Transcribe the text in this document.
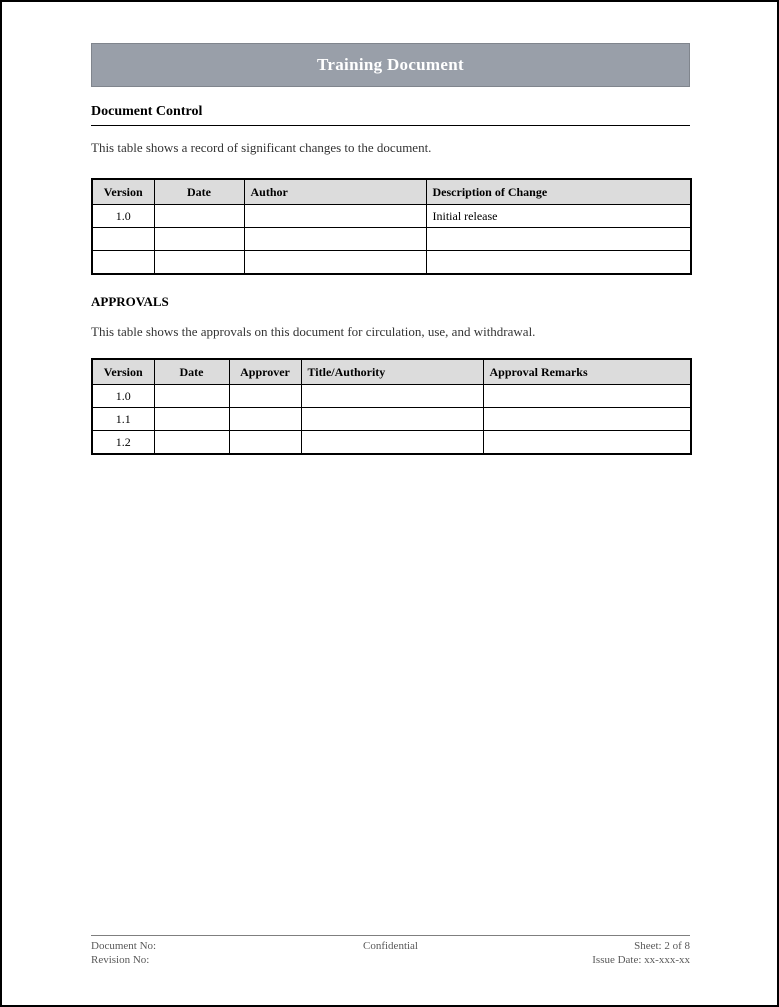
Training Document
Document Control
This table shows a record of significant changes to the document.
Version	Date	Author	Description of Change
1.0			Initial release

APPROVALS
This table shows the approvals on this document for circulation, use, and withdrawal.
Version	Date	Approver	Title/Authority	Approval Remarks
1.0				
1.1				
1.2				
Document No:
Revision No:
Confidential	Sheet: 2 of 8
Issue Date: xx-xxx-xx
